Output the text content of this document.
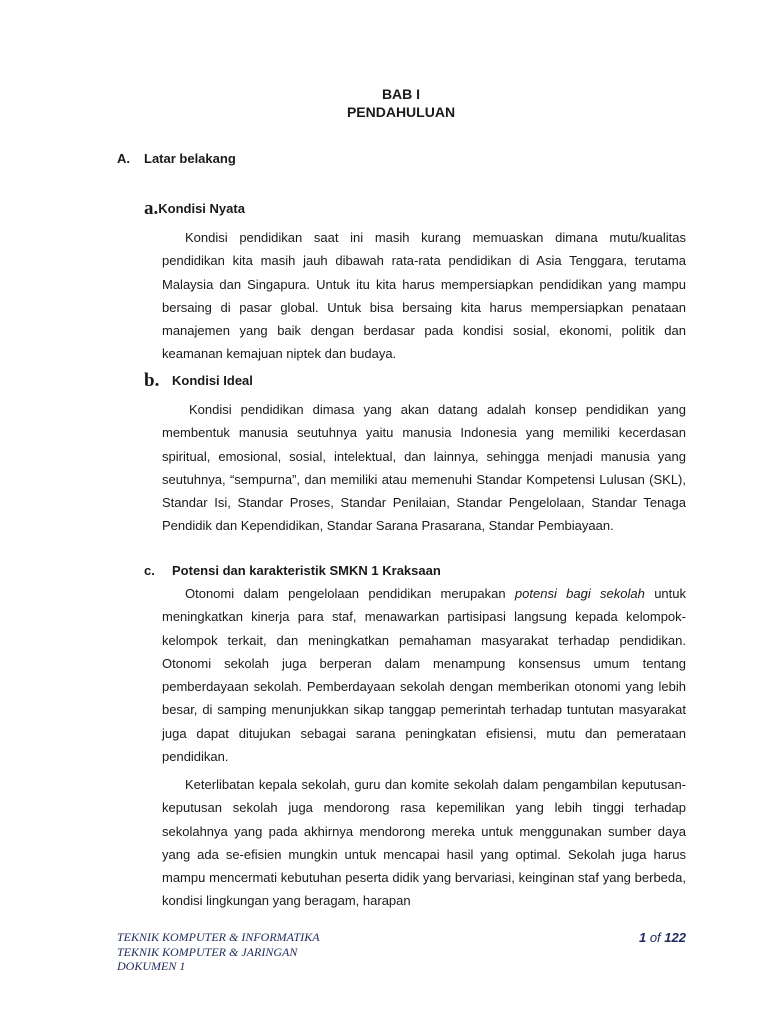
BAB I
PENDAHULUAN
A. Latar belakang
a.Kondisi Nyata

Kondisi pendidikan saat ini masih kurang memuaskan dimana mutu/kualitas pendidikan kita masih jauh dibawah rata-rata pendidikan di Asia Tenggara, terutama Malaysia dan Singapura. Untuk itu kita harus mempersiapkan pendidikan yang mampu bersaing di pasar global. Untuk bisa bersaing kita harus mempersiapkan penataan manajemen yang baik dengan berdasar pada kondisi sosial, ekonomi, politik dan keamanan kemajuan niptek dan budaya.

b. Kondisi Ideal

Kondisi pendidikan dimasa yang akan datang adalah konsep pendidikan yang membentuk manusia seutuhnya yaitu manusia Indonesia yang memiliki kecerdasan spiritual, emosional, sosial, intelektual, dan lainnya, sehingga menjadi manusia yang seutuhnya, “sempurna”, dan memiliki atau memenuhi Standar Kompetensi Lulusan (SKL), Standar Isi, Standar Proses, Standar Penilaian, Standar Pengelolaan, Standar Tenaga Pendidik dan Kependidikan, Standar Sarana Prasarana, Standar Pembiayaan.

c. Potensi dan karakteristik SMKN 1 Kraksaan

Otonomi dalam pengelolaan pendidikan merupakan potensi bagi sekolah untuk meningkatkan kinerja para staf, menawarkan partisipasi langsung kepada kelompok-kelompok terkait, dan meningkatkan pemahaman masyarakat terhadap pendidikan. Otonomi sekolah juga berperan dalam menampung konsensus umum tentang pemberdayaan sekolah. Pemberdayaan sekolah dengan memberikan otonomi yang lebih besar, di samping menunjukkan sikap tanggap pemerintah terhadap tuntutan masyarakat juga dapat ditujukan sebagai sarana peningkatan efisiensi, mutu dan pemerataan pendidikan.

Keterlibatan kepala sekolah, guru dan komite sekolah dalam pengambilan keputusan-keputusan sekolah juga mendorong rasa kepemilikan yang lebih tinggi terhadap sekolahnya yang pada akhirnya mendorong mereka untuk menggunakan sumber daya yang ada se-efisien mungkin untuk mencapai hasil yang optimal. Sekolah juga harus mampu mencermati kebutuhan peserta didik yang bervariasi, keinginan staf yang berbeda, kondisi lingkungan yang beragam, harapan

TEKNIK KOMPUTER & INFORMATIKA
TEKNIK KOMPUTER & JARINGAN
DOKUMEN 1
1 of 122
